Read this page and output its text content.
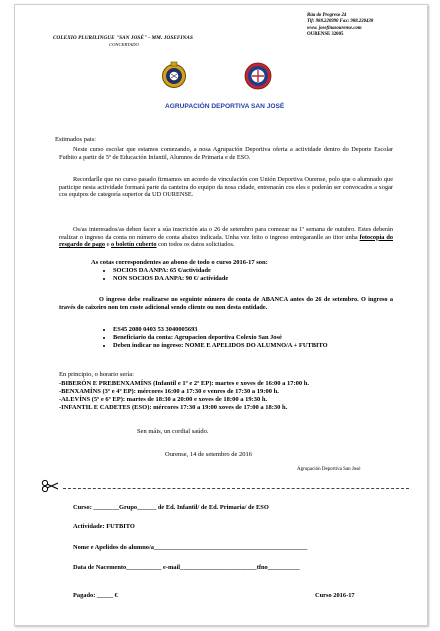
COLEXIO PLURILINGUE "SAN JOSÉ" - MM. JOSEFINAS
CONCERTADO
Rúa do Progreso 24
Tlf: 988.220990 Fax: 988.220438
www. josefinasourense.com
OURENSE 32005
AGRUPACIÓN DEPORTIVA SAN JOSÉ
Estimados pais:
Neste curso escolar que estamos comezando, a nosa Agrupación Deportiva oferta a actividade dentro do Deporte Escolar Futbito a partir de 5º de Educación Infantil, Alumnos de Primaria e de ESO.
Recordarlle que no curso pasado firmamos un acordo de vinculación con Unión Deportiva Ourense, polo que o alumnado que participe nesta actividade formará parte da canteira do equipo da nosa cidade, entrenarán cos eles e poderán ser convocados a xogar cos equipos de categoría superior da UD OURENSE.
Os/as interesados/as deben facer a súa inscrición ata o 26 de setembro para comezar na 1ª semana de outubro. Estes deberán realizar o ingreso da conta no número de conta abaixo indicada. Unha vez feito o ingreso entregaranlle ao titor unha fotocopia do resgardo de pago e o boletín cuberto con todos os datos solicitados.
As cotas correspondentes ao abono de todo o curso 2016-17 son:
• SOCIOS DA ANPA: 65 €/actividade
• NON SOCIOS DA ANPA: 90 €/ actividade
O ingreso debe realizarse no seguinte número de conta de ABANCA antes do 26 de setembro. O ingreso a través do caixeiro non ten custe adicional sendo cliente ou non desta entidade.
• ES45 2080 0403 53 3040005693
• Beneficiario da conta: Agrupacion deportiva Colexio San José
• Deben indicar no ingreso: NOME E APELIDOS DO ALUMNO/A + FUTBITO
En principio, o horario sería:
-BIBERÓN E PREBENXAMÍNS (Infantil e 1º e 2º EP): martes e xoves de 16:00 a 17:00 h.
-BENXAMÍNS (3º e 4º EP): mércores 16:00 a 17:30 e venres de 17:30 a 19:00 h.
-ALEVÍNS (5º e 6º EP): martes de 18:30 a 20:00 e xoves de 18:00 a 19:30 h.
-INFANTIL E CADETES (ESO): mércores 17:30 a 19:00 xoves de 17:00 a 18:30 h.
Sen máis, un cordial saúdo.
Ourense, 14 de setembro de 2016
Agrupación Deportiva San José
Curso: ________Grupo______ de Ed. Infantil/ de Ed. Primaria/ de ESO
Actividade: FUTBITO
Nome e Apelidos do alumno/a________________________________________________
Data de Nacemento___________ e-mail________________________tfno__________
Pagado: _____ €	Curso 2016-17
